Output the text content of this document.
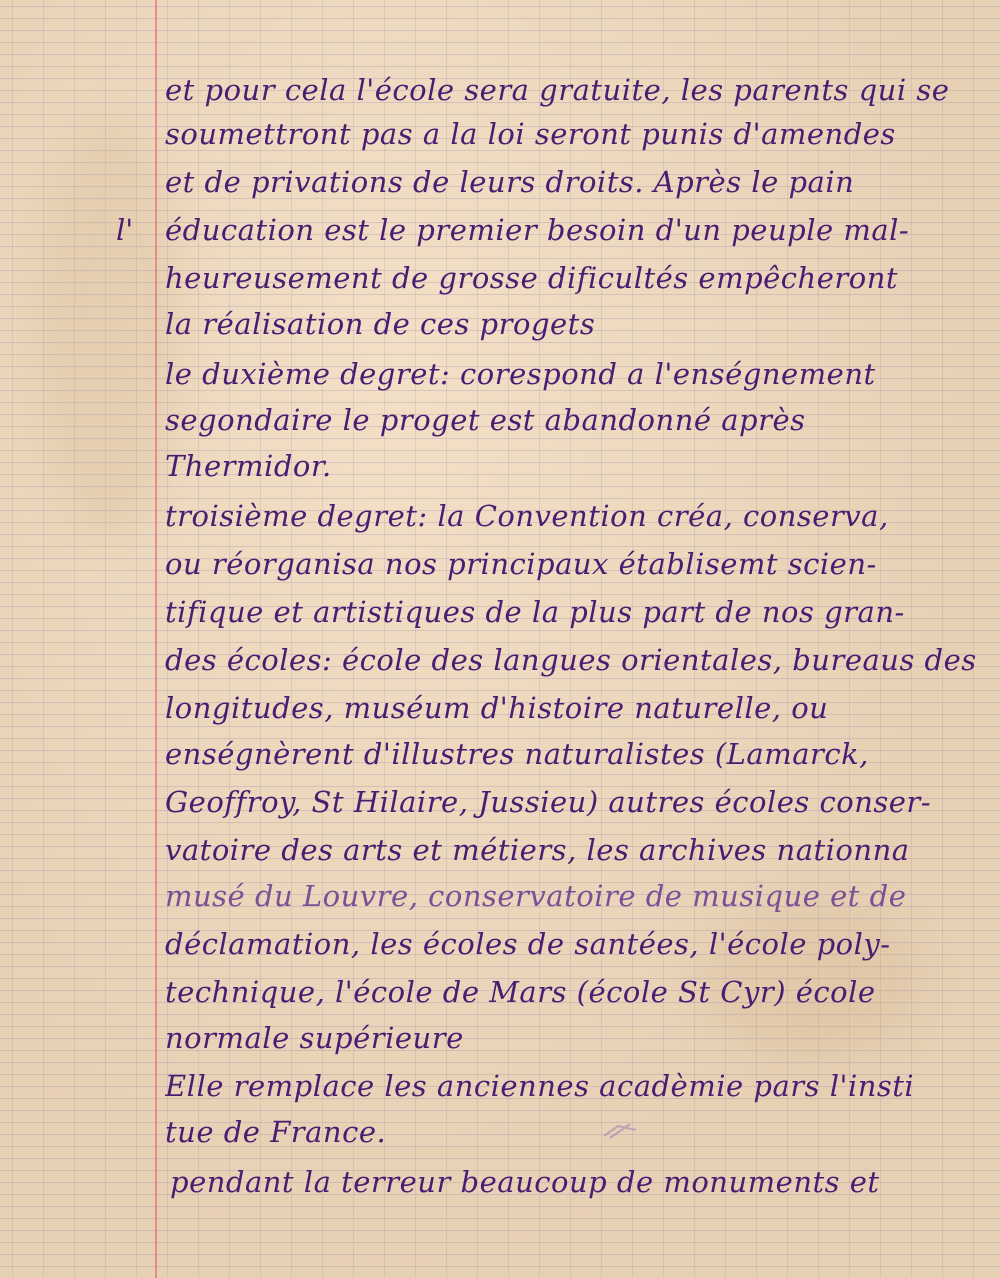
l'
et pour cela l'école sera gratuite, les parents qui se
soumettront pas a la loi seront punis d'amendes
et de privations de leurs droits. Après le pain
éducation est le premier besoin d'un peuple mal-
heureusement de grosse dificultés empêcheront
la réalisation de ces progets
le duxième degret: corespond a l'enségnement
segondaire le proget est abandonné après
Thermidor.
troisième degret: la Convention créa, conserva,
ou réorganisa nos principaux établisemt scien-
tifique et artistiques de la plus part de nos gran-
des écoles: école des langues orientales, bureaus des
longitudes, muséum d'histoire naturelle, ou
enségnèrent d'illustres naturalistes (Lamarck,
Geoffroy, St Hilaire, Jussieu) autres écoles conser-
vatoire des arts et métiers, les archives nationna
musé du Louvre, conservatoire de musique et de
déclamation, les écoles de santées, l'école poly-
technique, l'école de Mars (école St Cyr) école
normale supérieure
Elle remplace les anciennes acadèmie pars l'insti
tue de France.
pendant la terreur beaucoup de monuments et
